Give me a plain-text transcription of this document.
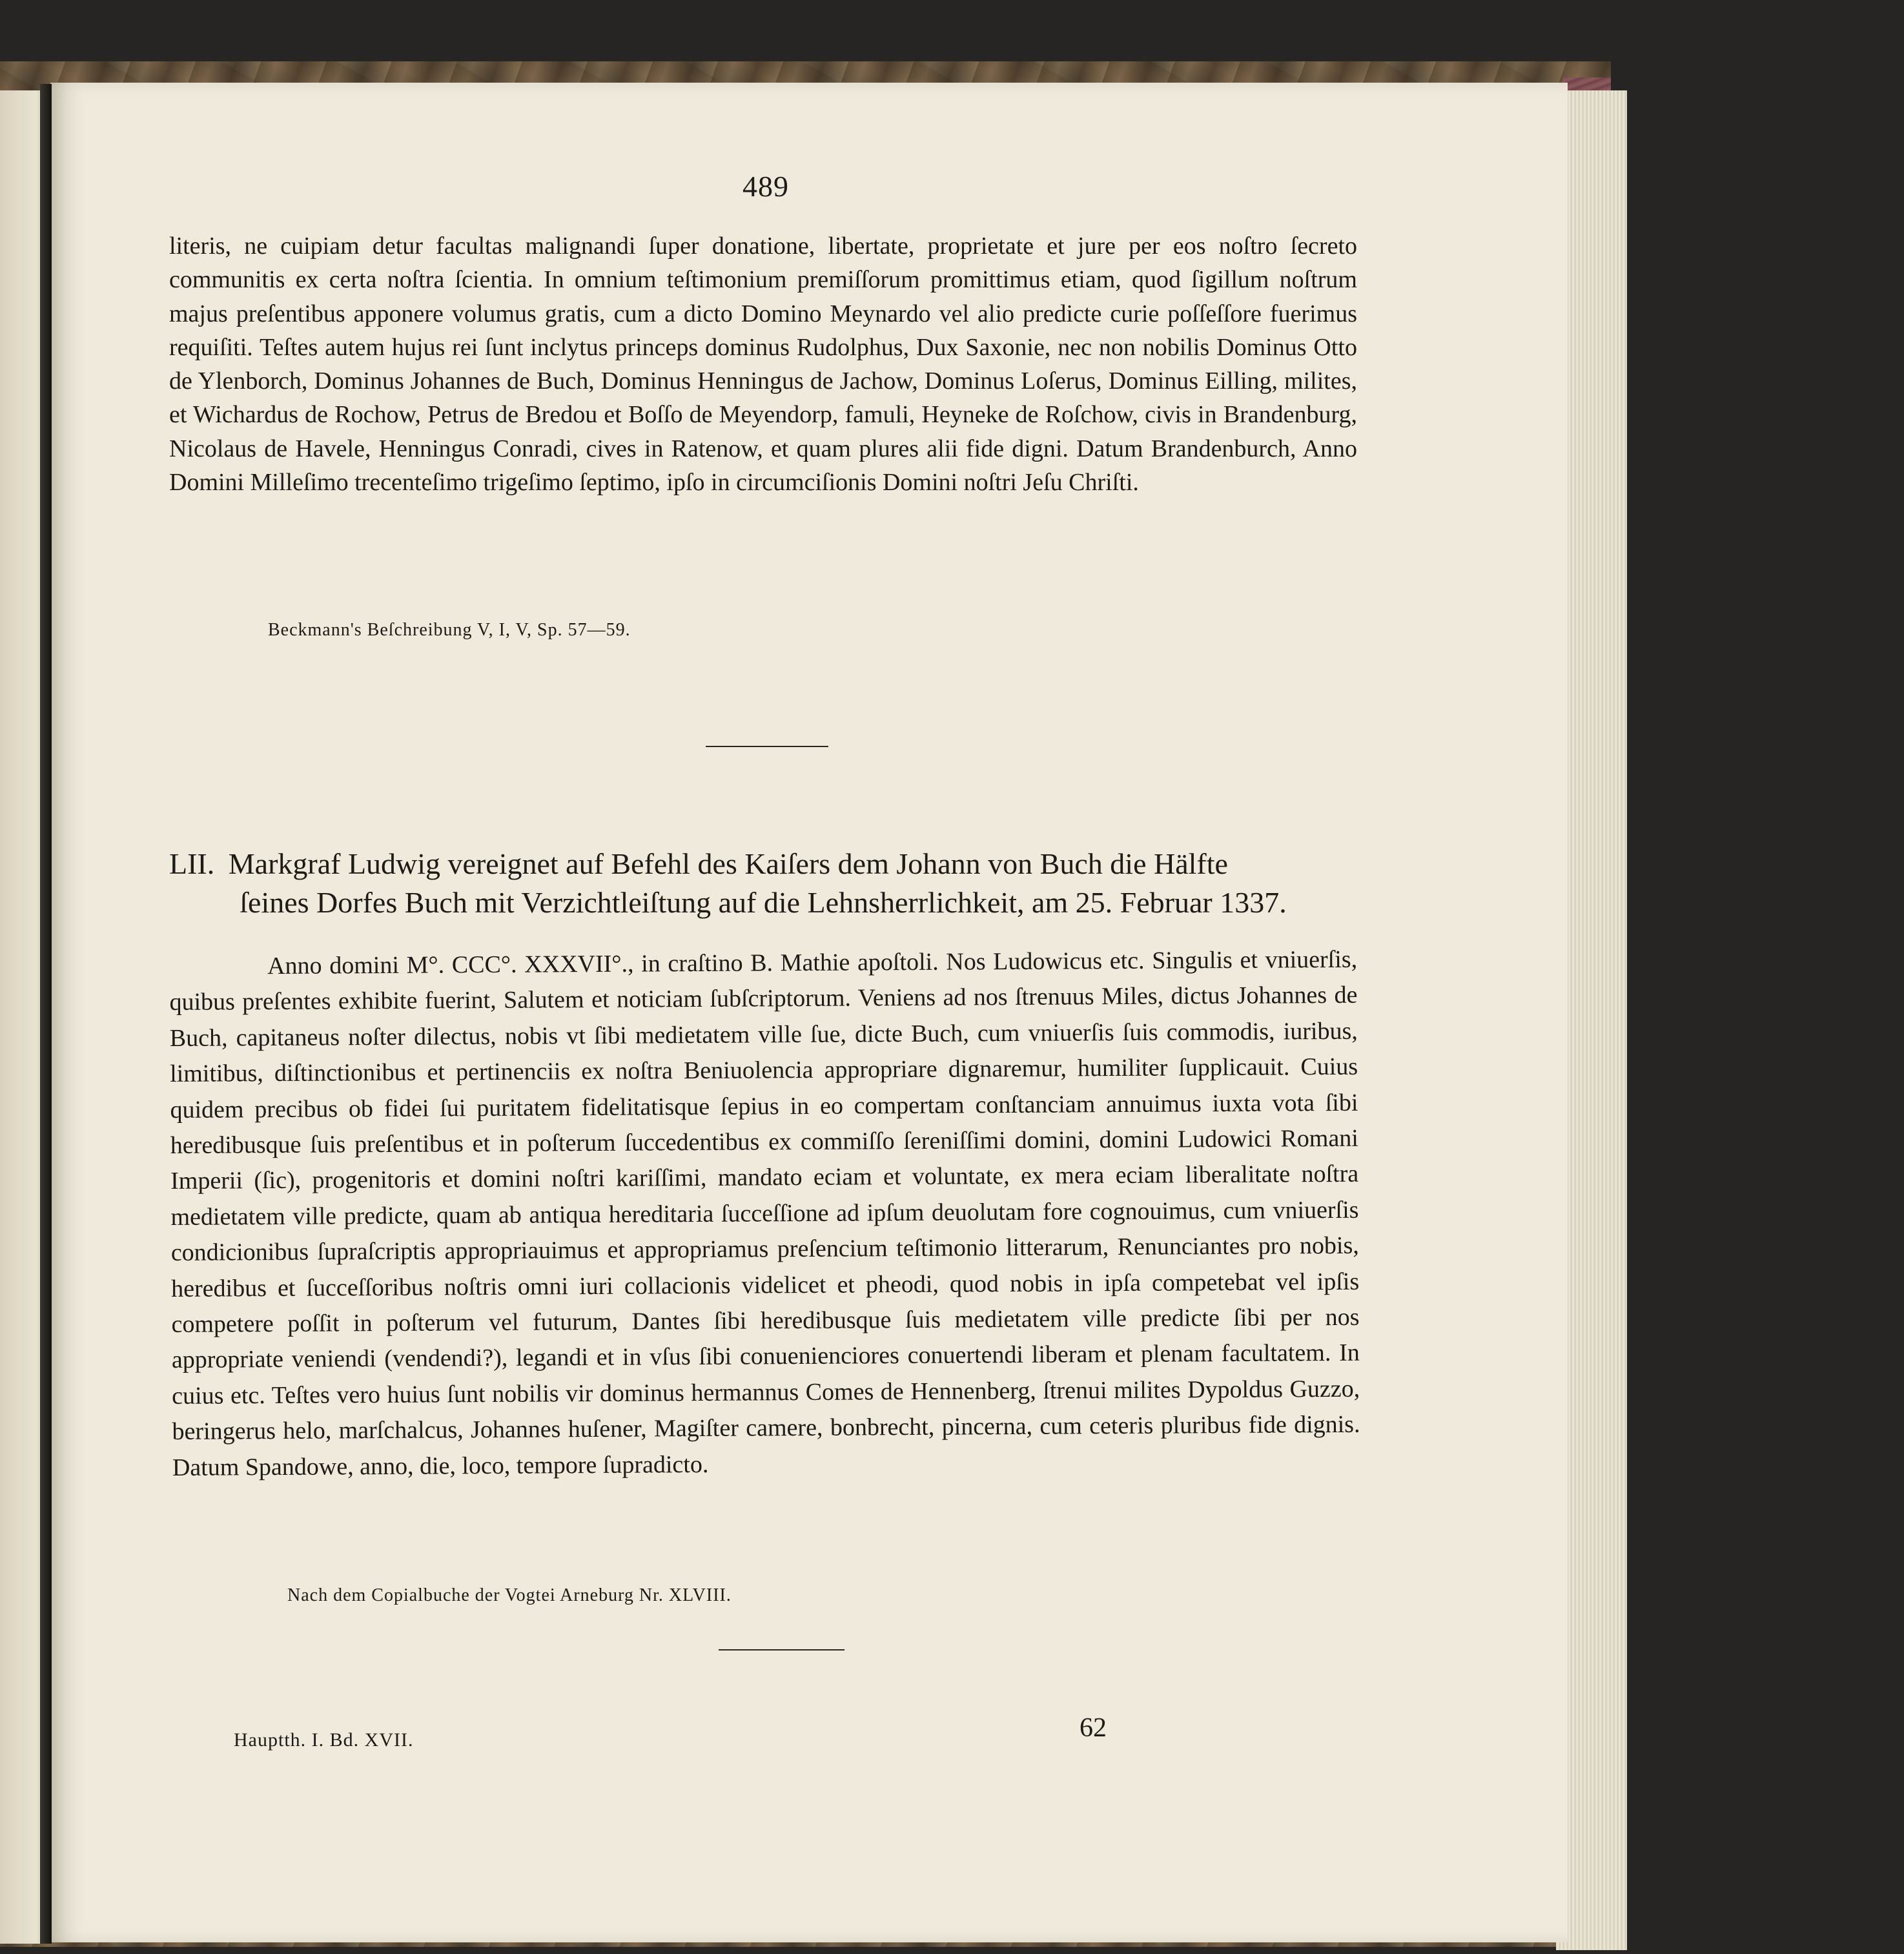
489

literis, ne cuipiam detur facultas malignandi ſuper donatione, libertate, proprietate et jure per eos noſtro ſecreto communitis ex certa noſtra ſcientia. In omnium teſtimonium premiſſorum promittimus etiam, quod ſigillum noſtrum majus preſentibus apponere volumus gratis, cum a dicto Domino Meynardo vel alio predicte curie poſſeſſore fuerimus requiſiti. Teſtes autem hujus rei ſunt inclytus princeps dominus Rudolphus, Dux Saxonie, nec non nobilis Dominus Otto de Ylenborch, Dominus Johannes de Buch, Dominus Henningus de Jachow, Dominus Loſerus, Dominus Eilling, milites, et Wichardus de Rochow, Petrus de Bredou et Boſſo de Meyendorp, famuli, Heyneke de Roſchow, civis in Brandenburg, Nicolaus de Havele, Henningus Conradi, cives in Ratenow, et quam plures alii fide digni. Datum Brandenburch, Anno Domini Milleſimo trecenteſimo trigeſimo ſeptimo, ipſo in circumciſionis Domini noſtri Jeſu Chriſti.

Beckmann's Beſchreibung V, I, V, Sp. 57—59.

LII. Markgraf Ludwig vereignet auf Befehl des Kaiſers dem Johann von Buch die Hälfte
ſeines Dorfes Buch mit Verzichtleiſtung auf die Lehnsherrlichkeit, am 25. Februar 1337.

Anno domini M°. CCC°. XXXVII°., in craſtino B. Mathie apoſtoli. Nos Ludowicus etc. Singulis et vniuerſis, quibus preſentes exhibite fuerint, Salutem et noticiam ſubſcriptorum. Veniens ad nos ſtrenuus Miles, dictus Johannes de Buch, capitaneus noſter dilectus, nobis vt ſibi medietatem ville ſue, dicte Buch, cum vniuerſis ſuis commodis, iuribus, limitibus, diſtinctionibus et pertinenciis ex noſtra Beniuolencia appropriare dignaremur, humiliter ſupplicauit. Cuius quidem precibus ob fidei ſui puritatem fidelitatisque ſepius in eo compertam conſtanciam annuimus iuxta vota ſibi heredibusque ſuis preſentibus et in poſterum ſuccedentibus ex commiſſo ſereniſſimi domini, domini Ludowici Romani Imperii (ſic), progenitoris et domini noſtri kariſſimi, mandato eciam et voluntate, ex mera eciam liberalitate noſtra medietatem ville predicte, quam ab antiqua hereditaria ſucceſſione ad ipſum deuolutam fore cognouimus, cum vniuerſis condicionibus ſupraſcriptis appropriauimus et appropriamus preſencium teſtimonio litterarum, Renunciantes pro nobis, heredibus et ſucceſſoribus noſtris omni iuri collacionis videlicet et pheodi, quod nobis in ipſa competebat vel ipſis competere poſſit in poſterum vel futurum, Dantes ſibi heredibusque ſuis medietatem ville predicte ſibi per nos appropriate veniendi (vendendi?), legandi et in vſus ſibi conuenienciores conuertendi liberam et plenam facultatem. In cuius etc. Teſtes vero huius ſunt nobilis vir dominus hermannus Comes de Hennenberg, ſtrenui milites Dypoldus Guzzo, beringerus helo, marſchalcus, Johannes huſener, Magiſter camere, bonbrecht, pincerna, cum ceteris pluribus fide dignis. Datum Spandowe, anno, die, loco, tempore ſupradicto.

Nach dem Copialbuche der Vogtei Arneburg Nr. XLVIII.

Hauptth. I. Bd. XVII.	62
